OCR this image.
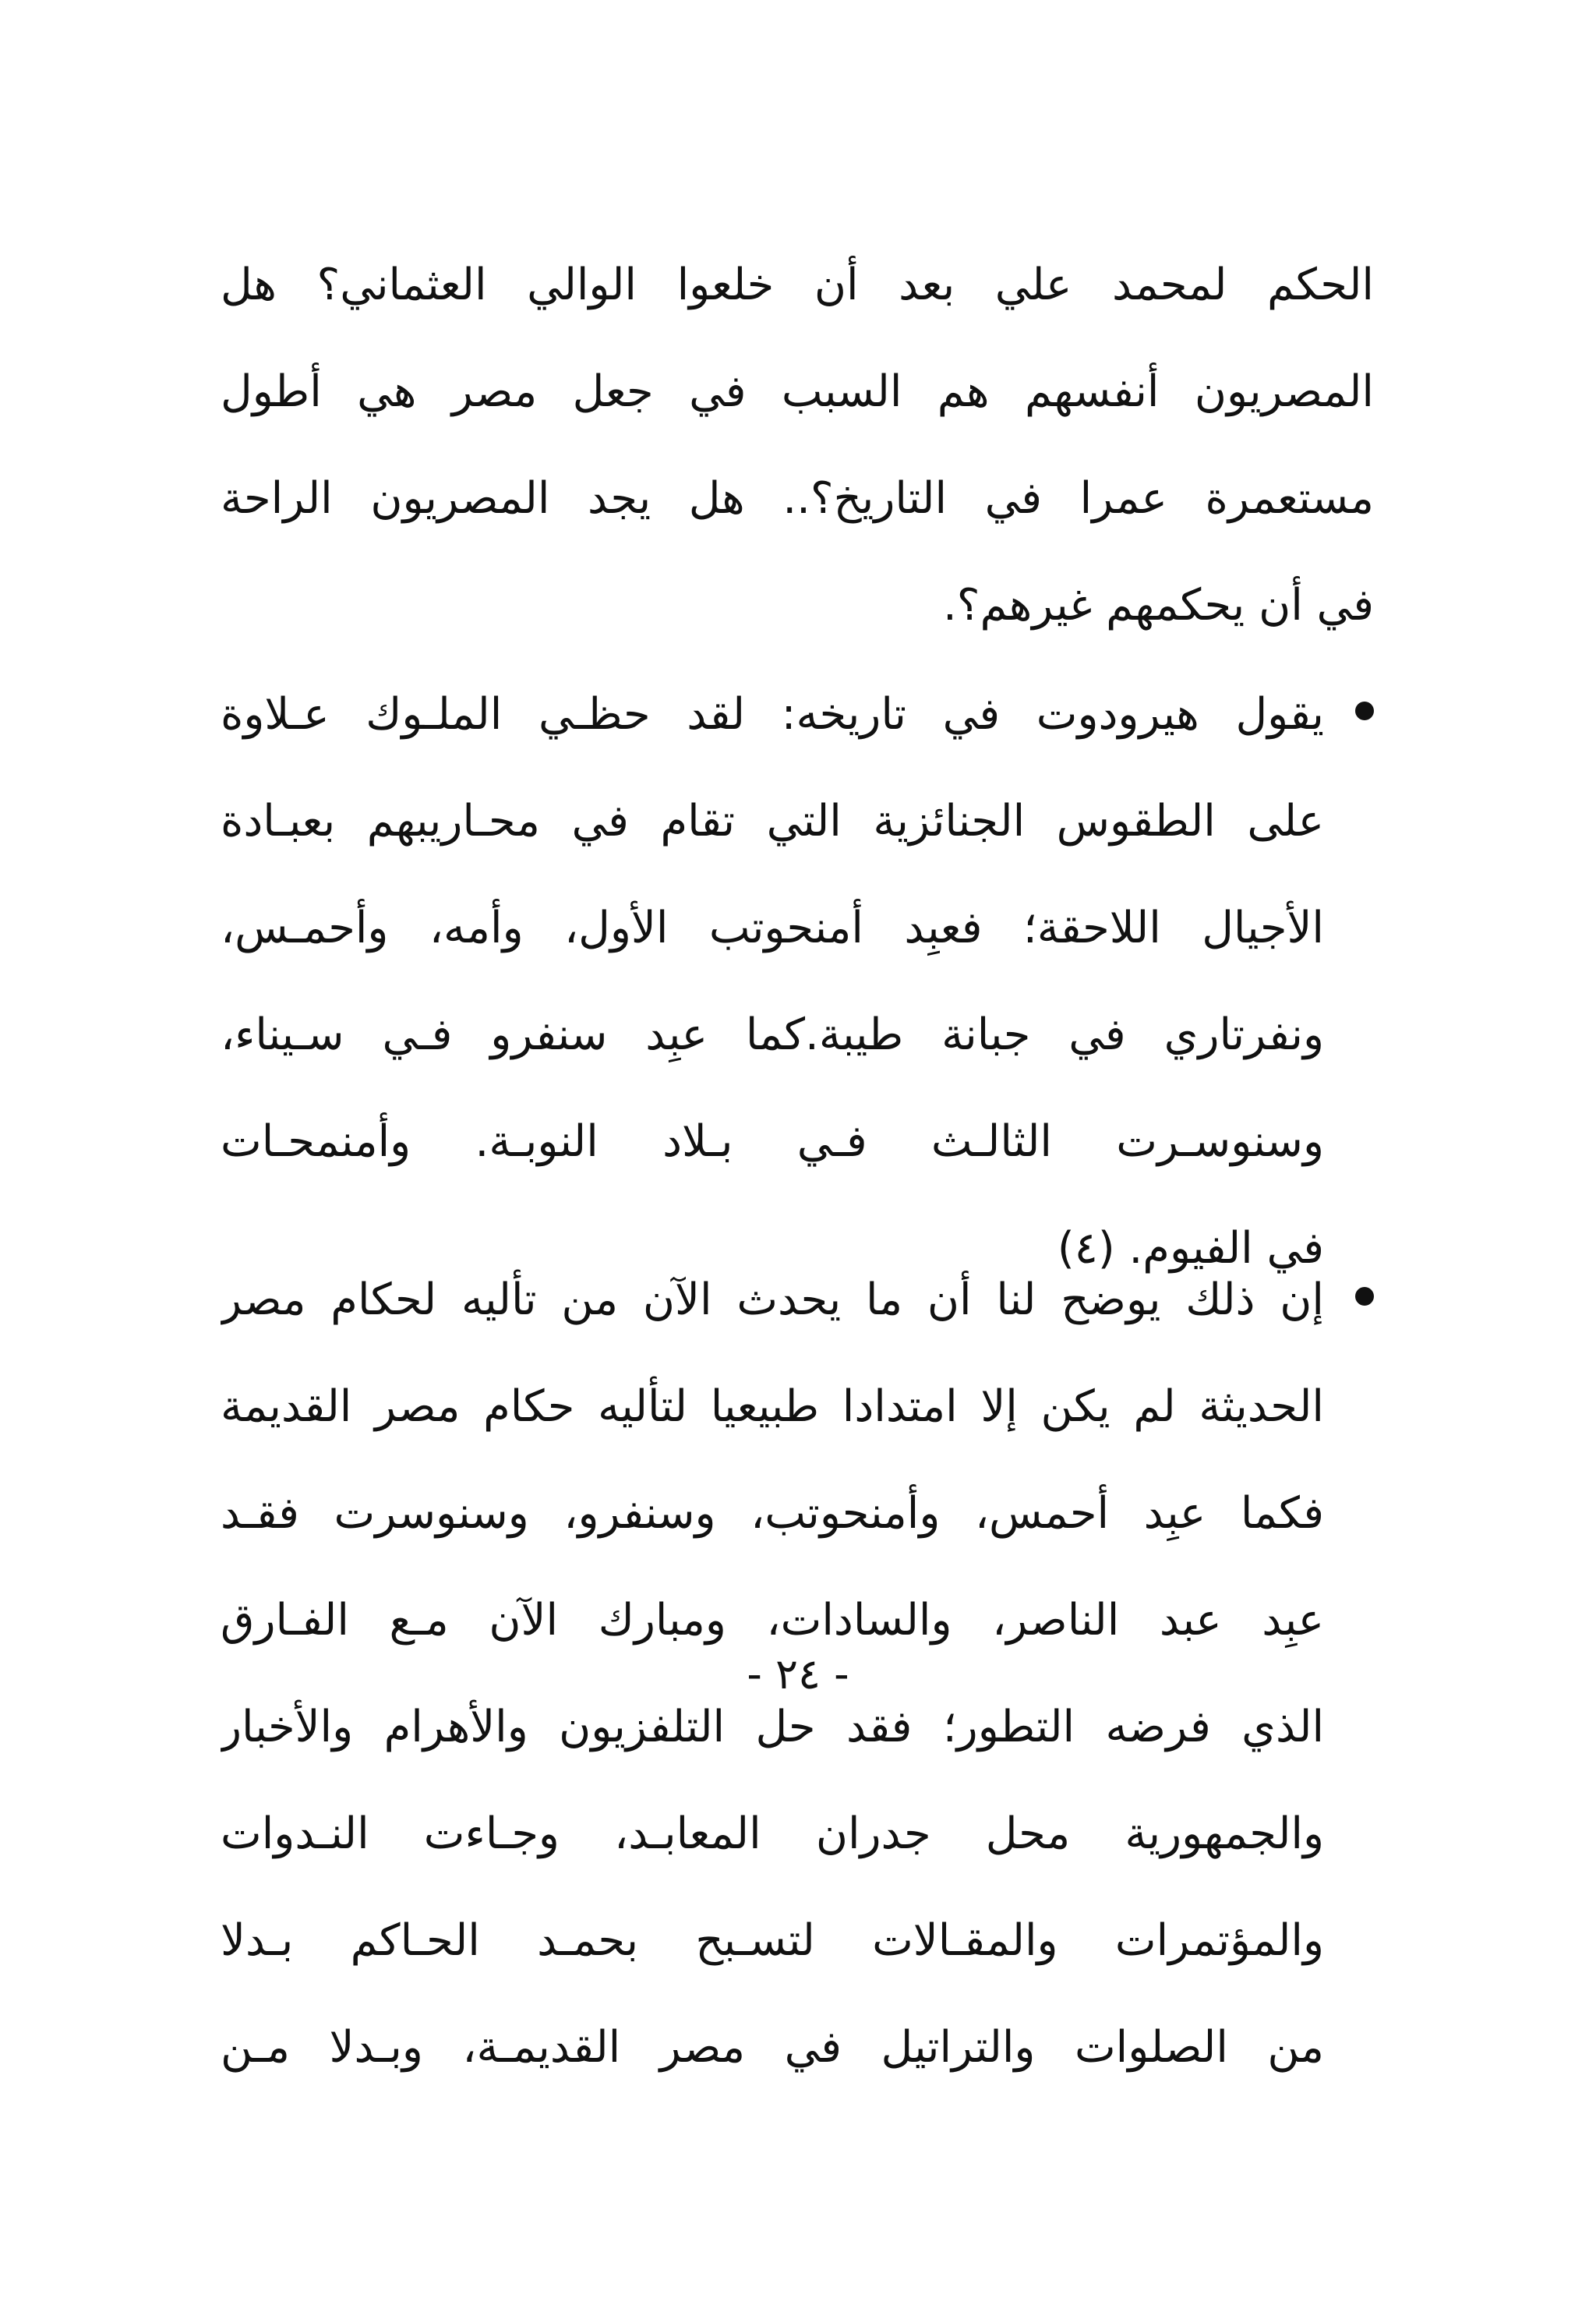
الحكم لمحمد علي بعد أن خلعوا الوالي العثماني؟ هل
المصريون أنفسهم هم السبب في جعل مصر هي أطول
مستعمرة عمرا في التاريخ؟.. هل يجد المصريون الراحة
في أن يحكمهم غيرهم؟.
يقول هيرودوت في تاريخه: لقد حظـي الملـوك عـلاوة
على الطقوس الجنائزية التي تقام في محـاريبهم بعبـادة
الأجيال اللاحقة؛ فعبِد أمنحوتب الأول، وأمه، وأحمـس،
ونفرتاري في جبانة طيبة.كما عبِد سنفرو فـي سـيناء،
وسنوسـرت الثالـث فـي بـلاد النوبـة. وأمنمحـات
في الفيوم. (٤)
إن ذلك يوضح لنا أن ما يحدث الآن من تأليه لحكام مصر
الحديثة لم يكن إلا امتدادا طبيعيا لتأليه حكام مصر القديمة
فكما عبِد أحمس، وأمنحوتب، وسنفرو، وسنوسرت فقـد
عبِد عبد الناصر، والسادات، ومبارك الآن مـع الفـارق
الذي فرضه التطور؛ فقد حل التلفزيون والأهرام والأخبار
والجمهورية محل جدران المعابـد، وجـاءت النـدوات
والمؤتمرات والمقـالات لتسـبح بحمـد الحـاكم بـدلا
من الصلوات والتراتيل في مصر القديمـة، وبـدلا مـن
- ٢٤ -
